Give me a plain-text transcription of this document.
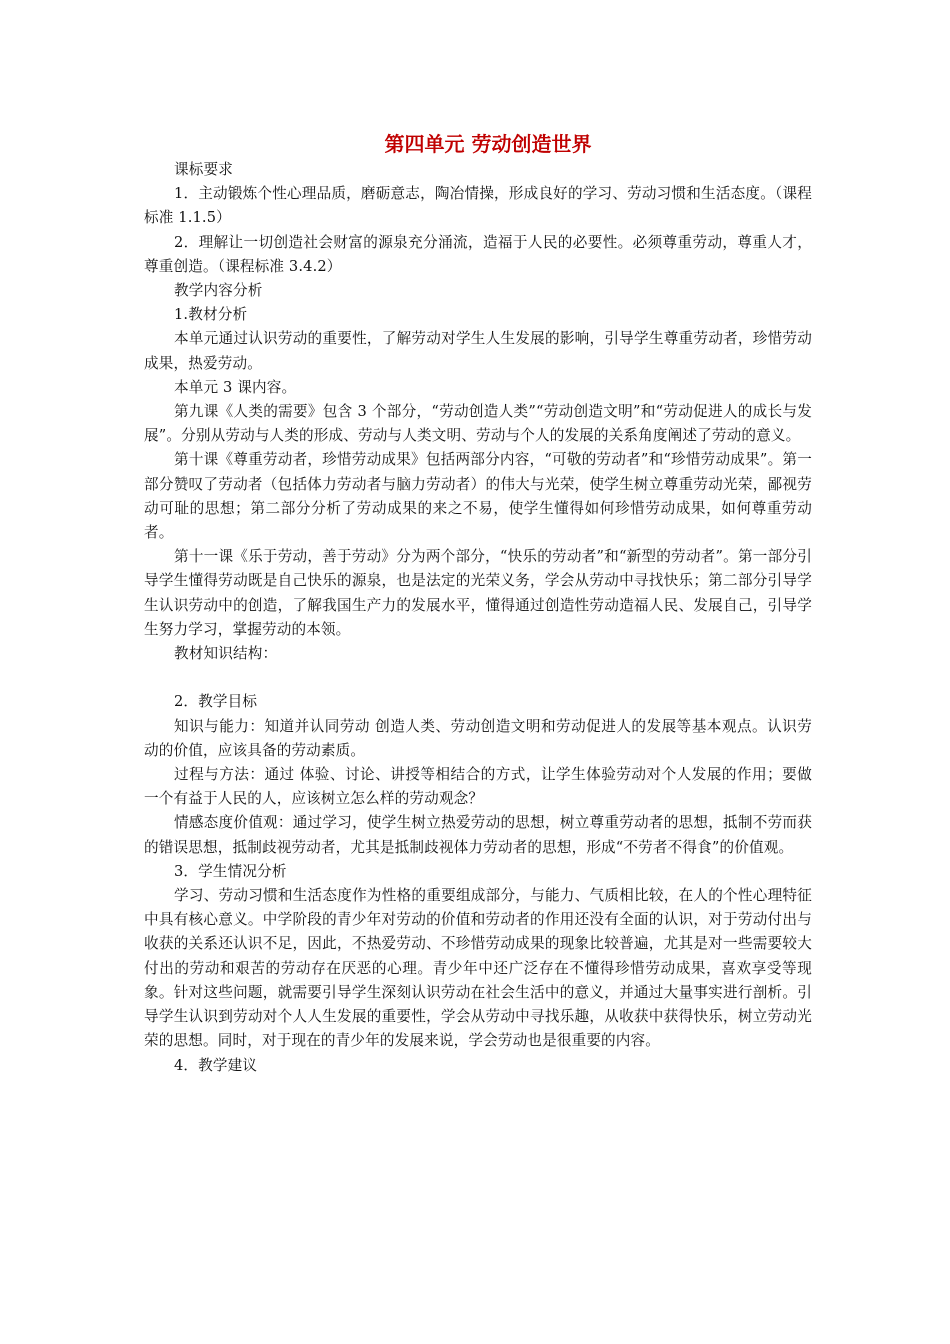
第四单元 劳动创造世界

课标要求

1．主动锻炼个性心理品质，磨砺意志，陶冶情操，形成良好的学习、劳动习惯和生活态度。（课程标准 1.1.5）

2．理解让一切创造社会财富的源泉充分涌流，造福于人民的必要性。必须尊重劳动，尊重人才，尊重创造。（课程标准 3.4.2）

教学内容分析

1.教材分析

本单元通过认识劳动的重要性，了解劳动对学生人生发展的影响，引导学生尊重劳动者，珍惜劳动成果，热爱劳动。

本单元 3 课内容。

第九课《人类的需要》包含 3 个部分，“劳动创造人类”“劳动创造文明”和“劳动促进人的成长与发展”。分别从劳动与人类的形成、劳动与人类文明、劳动与个人的发展的关系角度阐述了劳动的意义。

第十课《尊重劳动者，珍惜劳动成果》包括两部分内容，“可敬的劳动者”和“珍惜劳动成果”。第一部分赞叹了劳动者（包括体力劳动者与脑力劳动者）的伟大与光荣，使学生树立尊重劳动光荣，鄙视劳动可耻的思想；第二部分分析了劳动成果的来之不易，使学生懂得如何珍惜劳动成果，如何尊重劳动者。

第十一课《乐于劳动，善于劳动》分为两个部分，“快乐的劳动者”和“新型的劳动者”。第一部分引导学生懂得劳动既是自己快乐的源泉，也是法定的光荣义务，学会从劳动中寻找快乐；第二部分引导学生认识劳动中的创造，了解我国生产力的发展水平，懂得通过创造性劳动造福人民、发展自己，引导学生努力学习，掌握劳动的本领。

教材知识结构：

2．教学目标

知识与能力：知道并认同劳动 创造人类、劳动创造文明和劳动促进人的发展等基本观点。认识劳动的价值，应该具备的劳动素质。

过程与方法：通过 体验、讨论、讲授等相结合的方式，让学生体验劳动对个人发展的作用；要做一个有益于人民的人，应该树立怎么样的劳动观念？

情感态度价值观：通过学习，使学生树立热爱劳动的思想，树立尊重劳动者的思想，抵制不劳而获的错误思想，抵制歧视劳动者，尤其是抵制歧视体力劳动者的思想，形成“不劳者不得食”的价值观。

3．学生情况分析

学习、劳动习惯和生活态度作为性格的重要组成部分，与能力、气质相比较，在人的个性心理特征中具有核心意义。中学阶段的青少年对劳动的价值和劳动者的作用还没有全面的认识，对于劳动付出与收获的关系还认识不足，因此，不热爱劳动、不珍惜劳动成果的现象比较普遍，尤其是对一些需要较大付出的劳动和艰苦的劳动存在厌恶的心理。青少年中还广泛存在不懂得珍惜劳动成果，喜欢享受等现象。针对这些问题，就需要引导学生深刻认识劳动在社会生活中的意义，并通过大量事实进行剖析。引导学生认识到劳动对个人人生发展的重要性，学会从劳动中寻找乐趣，从收获中获得快乐，树立劳动光荣的思想。同时，对于现在的青少年的发展来说，学会劳动也是很重要的内容。

4．教学建议
